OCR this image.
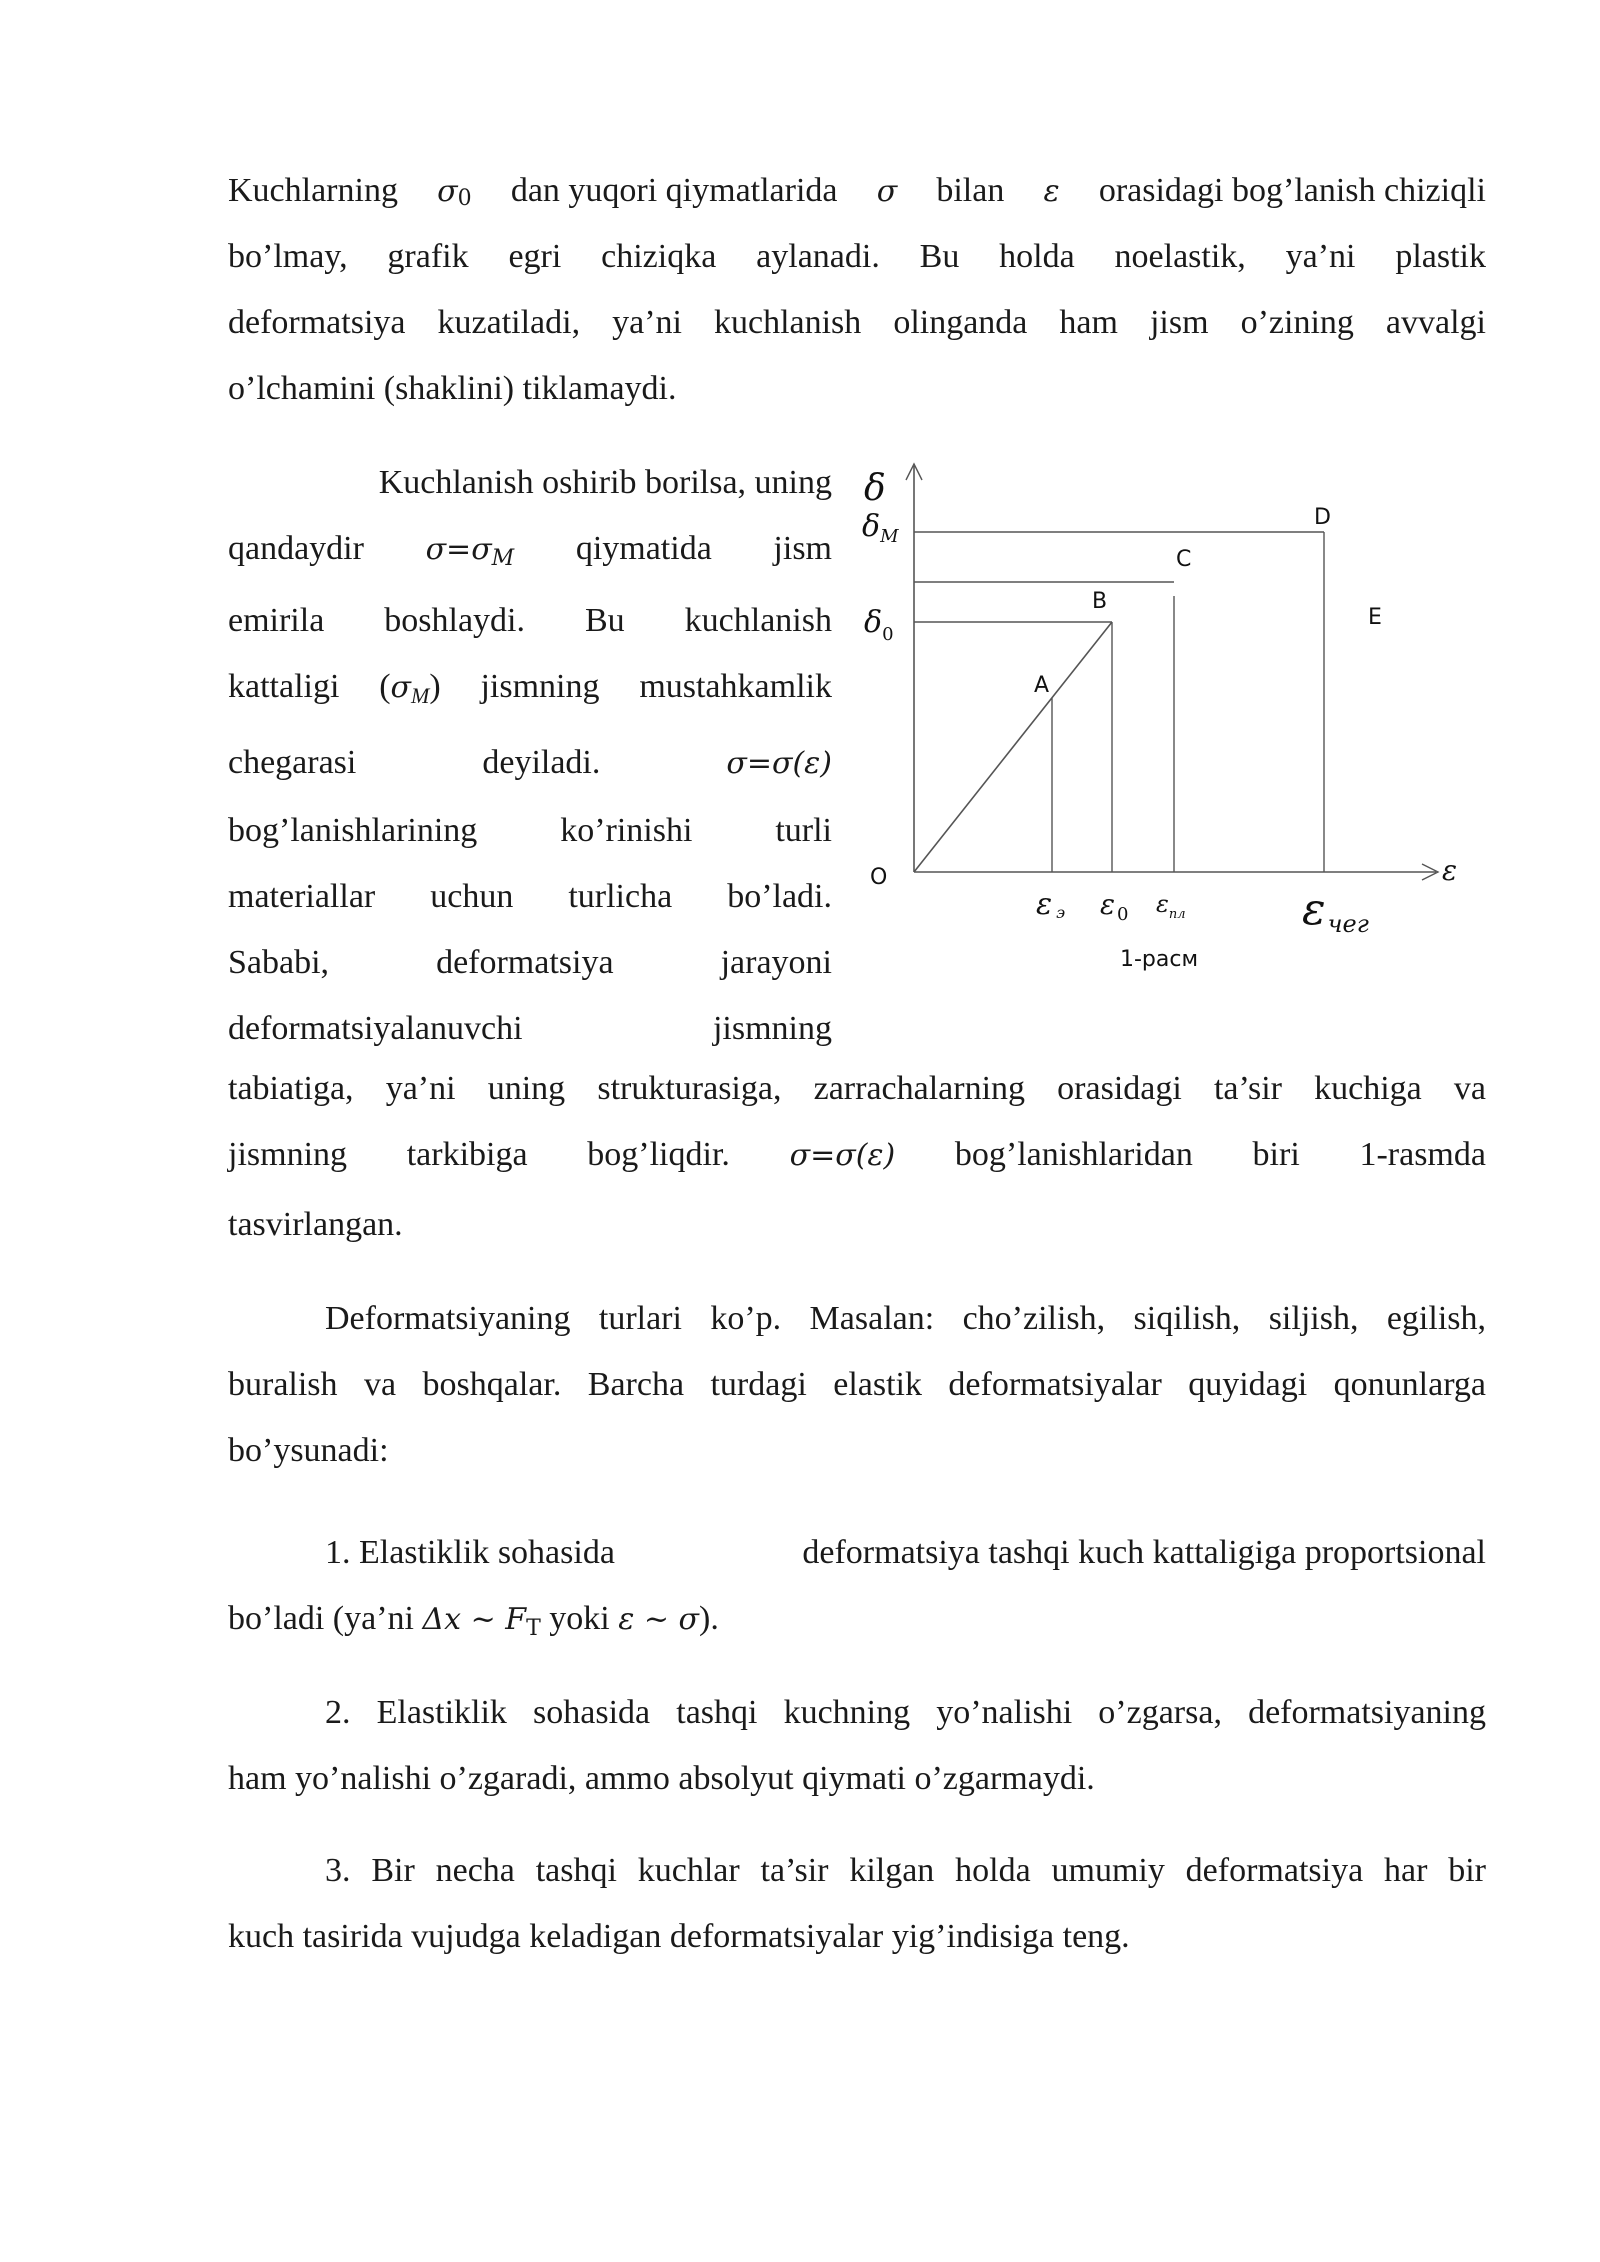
Kuchlarning σ0 dan yuqori qiymatlarida σ bilan ε orasidagi bog’lanish chiziqli
bo’lmay, grafik egri chiziqka aylanadi. Bu holda noelastik, ya’ni plastik
deformatsiya kuzatiladi, ya’ni kuchlanish olinganda ham jism o’zining avvalgi
o’lchamini (shaklini) tiklamaydi.
Kuchlanish oshirib borilsa, uning
qandaydir $\sigma=\sigma_M$ qiymatida jism
emirila boshlaydi. Bu kuchlanish
kattaligi $(\sigma_M)$ jismning mustahkamlik
chegarasi	deyiladi.	σ=σ(ε)
bog’lanishlarining ko’rinishi turli
materiallar uchun turlicha bo’ladi.
Sababi,	deformatsiya	jarayoni
deformatsiyalanuvchi	jismning
tabiatiga, ya’ni uning strukturasiga, zarrachalarning orasidagi ta’sir kuchiga va
jismning tarkibiga bog’liqdir. σ=σ(ε) bog’lanishlaridan biri 1-rasmda
tasvirlangan.
δ
$\delta_M$
$\delta_0$
O	ε
A
B
C
D
E
εэ ε $_0$ $\varepsilon_{пл}$	εчег
1-расм
Deformatsiyaning turlari ko’p. Masalan: cho’zilish, siqilish, siljish, egilish,
buralish va boshqalar. Barcha turdagi elastik deformatsiyalar quyidagi qonunlarga
bo’ysunadi:
1. Elastiklik sohasida	deformatsiya tashqi kuch kattaligiga proportsional
bo’ladi (ya’ni Δx ~ $F_T$ yoki ε ~ σ).
2. Elastiklik sohasida tashqi kuchning yo’nalishi o’zgarsa, deformatsiyaning
ham yo’nalishi o’zgaradi, ammo absolyut qiymati o’zgarmaydi.
3. Bir necha tashqi kuchlar ta’sir kilgan holda umumiy deformatsiya har bir
kuch tasirida vujudga keladigan deformatsiyalar yig’indisiga teng.
